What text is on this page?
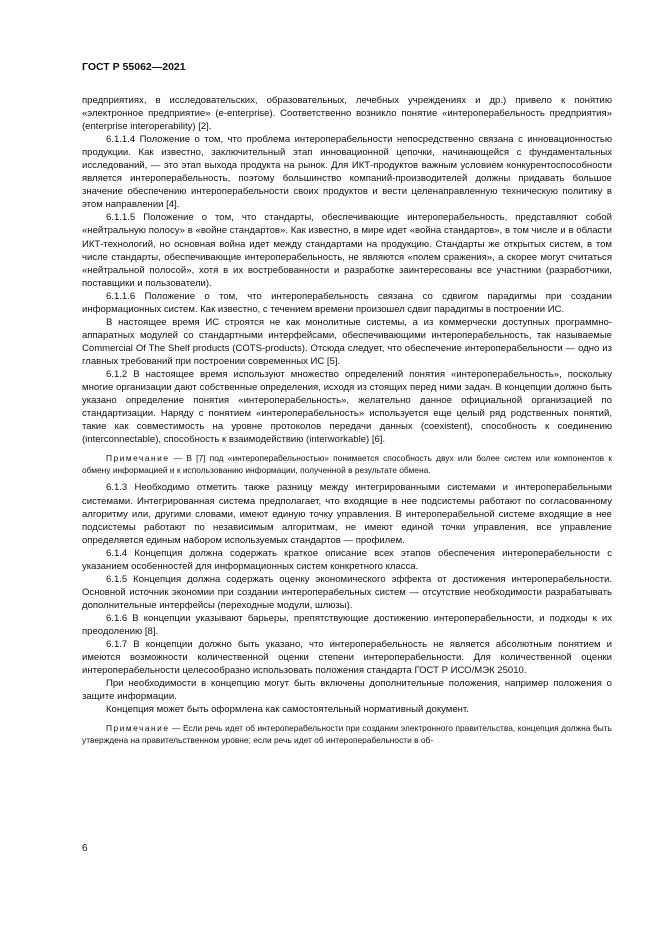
ГОСТ Р 55062—2021

предприятиях, в исследовательских, образовательных, лечебных учреждениях и др.) привело к понятию «электронное предприятие» (e-enterprise). Соответственно возникло понятие «интероперабельность предприятия» (enterprise interoperability) [2].

6.1.1.4 Положение о том, что проблема интероперабельности непосредственно связана с инновационностью продукции. Как известно, заключительный этап инновационной цепочки, начинающейся с фундаментальных исследований, — это этап выхода продукта на рынок. Для ИКТ-продуктов важным условием конкурентоспособности является интероперабельность, поэтому большинство компаний-производителей должны придавать большое значение обеспечению интероперабельности своих продуктов и вести целенаправленную техническую политику в этом направлении [4].

6.1.1.5 Положение о том, что стандарты, обеспечивающие интероперабельность, представляют собой «нейтральную полосу» в «войне стандартов». Как известно, в мире идет «война стандартов», в том числе и в области ИКТ-технологий, но основная война идет между стандартами на продукцию. Стандарты же открытых систем, в том числе стандарты, обеспечивающие интероперабельность, не являются «полем сражения», а скорее могут считаться «нейтральной полосой», хотя в их востребованности и разработке заинтересованы все участники (разработчики, поставщики и пользователи).

6.1.1.6 Положение о том, что интероперабельность связана со сдвигом парадигмы при создании информационных систем. Как известно, с течением времени произошел сдвиг парадигмы в построении ИС.

В настоящее время ИС строятся не как монолитные системы, а из коммерчески доступных программно-аппаратных модулей со стандартными интерфейсами, обеспечивающими интероперабельность, так называемые Commercial Of The Shelf products (COTS-products). Отсюда следует, что обеспечение интероперабельности — одно из главных требований при построении современных ИС [5].

6.1.2 В настоящее время используют множество определений понятия «интероперабельность», поскольку многие организации дают собственные определения, исходя из стоящих перед ними задач. В концепции должно быть указано определение понятия «интероперабельность», желательно данное официальной организацией по стандартизации. Наряду с понятием «интероперабельность» используется еще целый ряд родственных понятий, такие как совместимость на уровне протоколов передачи данных (coexistent), способность к соединению (interconnectable), способность к взаимодействию (interworkable) [6].

Примечание — В [7] под «интероперабельностью» понимается способность двух или более систем или компонентов к обмену информацией и к использованию информации, полученной в результате обмена.

6.1.3 Необходимо отметить также разницу между интегрированными системами и интероперабельными системами. Интегрированная система предполагает, что входящие в нее подсистемы работают по согласованному алгоритму или, другими словами, имеют единую точку управления. В интероперабельной системе входящие в нее подсистемы работают по независимым алгоритмам, не имеют единой точки управления, все управление определяется единым набором используемых стандартов — профилем.

6.1.4 Концепция должна содержать краткое описание всех этапов обеспечения интероперабельности с указанием особенностей для информационных систем конкретного класса.

6.1.5 Концепция должна содержать оценку экономического эффекта от достижения интероперабельности. Основной источник экономии при создании интероперабельных систем — отсутствие необходимости разрабатывать дополнительные интерфейсы (переходные модули, шлюзы).

6.1.6 В концепции указывают барьеры, препятствующие достижению интероперабельности, и подходы к их преодолению [8].

6.1.7 В концепции должно быть указано, что интероперабельность не является абсолютным понятием и имеются возможности количественной оценки степени интероперабельности. Для количественной оценки интероперабельности целесообразно использовать положения стандарта ГОСТ Р ИСО/МЭК 25010.

При необходимости в концепцию могут быть включены дополнительные положения, например положения о защите информации.

Концепция может быть оформлена как самостоятельный нормативный документ.

Примечание — Если речь идет об интероперабельности при создании электронного правительства, концепция должна быть утверждена на правительственном уровне; если речь идет об интероперабельности в об-

6
